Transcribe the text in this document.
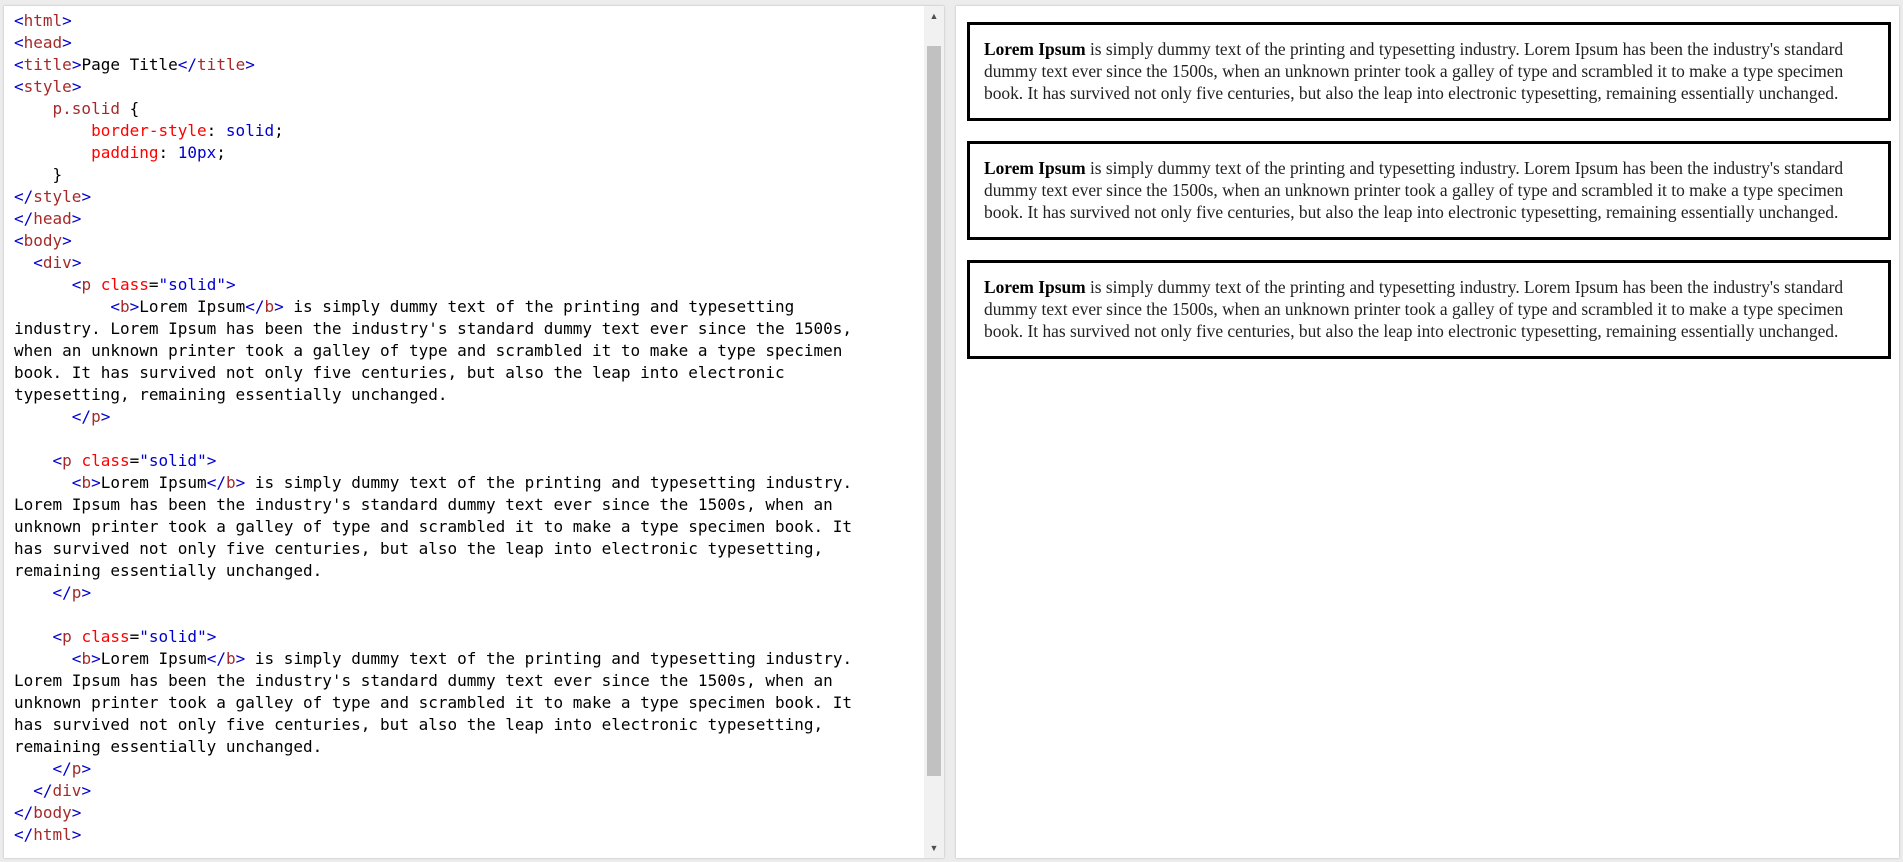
<html>
<head>
<title>Page Title</title>
<style>
p.solid {
border-style: solid;
padding: 10px;
}
</style>
</head>
<body>
<div>
<p class="solid">
<b>Lorem Ipsum</b> is simply dummy text of the printing and typesetting
industry. Lorem Ipsum has been the industry's standard dummy text ever since the 1500s,
when an unknown printer took a galley of type and scrambled it to make a type specimen
book. It has survived not only five centuries, but also the leap into electronic
typesetting, remaining essentially unchanged.
</p>

<p class="solid">
<b>Lorem Ipsum</b> is simply dummy text of the printing and typesetting industry.
Lorem Ipsum has been the industry's standard dummy text ever since the 1500s, when an
unknown printer took a galley of type and scrambled it to make a type specimen book. It
has survived not only five centuries, but also the leap into electronic typesetting,
remaining essentially unchanged.
</p>

<p class="solid">
<b>Lorem Ipsum</b> is simply dummy text of the printing and typesetting industry.
Lorem Ipsum has been the industry's standard dummy text ever since the 1500s, when an
unknown printer took a galley of type and scrambled it to make a type specimen book. It
has survived not only five centuries, but also the leap into electronic typesetting,
remaining essentially unchanged.
</p>
</div>
</body>
</html>
▲
▼

Lorem Ipsum is simply dummy text of the printing and typesetting industry. Lorem Ipsum has been the industry's standard dummy text ever since the 1500s, when an unknown printer took a galley of type and scrambled it to make a type specimen book. It has survived not only five centuries, but also the leap into electronic typesetting, remaining essentially unchanged.

Lorem Ipsum is simply dummy text of the printing and typesetting industry. Lorem Ipsum has been the industry's standard dummy text ever since the 1500s, when an unknown printer took a galley of type and scrambled it to make a type specimen book. It has survived not only five centuries, but also the leap into electronic typesetting, remaining essentially unchanged.

Lorem Ipsum is simply dummy text of the printing and typesetting industry. Lorem Ipsum has been the industry's standard dummy text ever since the 1500s, when an unknown printer took a galley of type and scrambled it to make a type specimen book. It has survived not only five centuries, but also the leap into electronic typesetting, remaining essentially unchanged.
